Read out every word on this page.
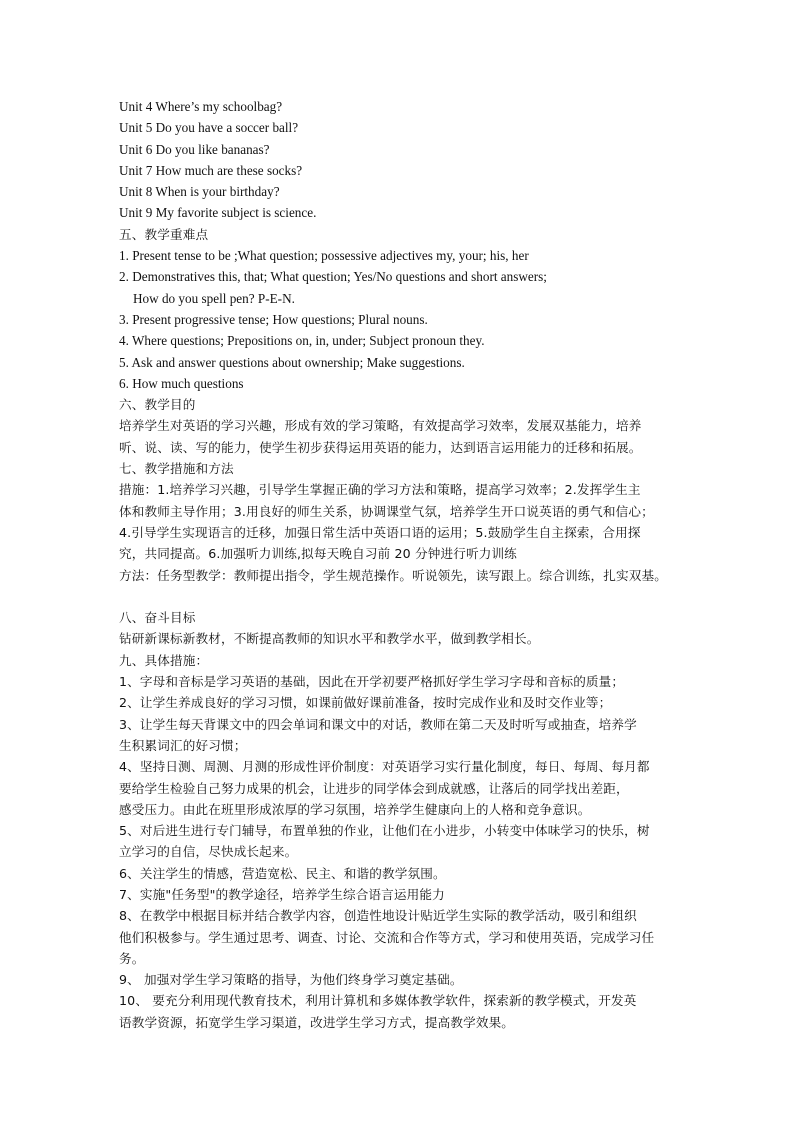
Unit 4 Where’s my schoolbag?
Unit 5 Do you have a soccer ball?
Unit 6 Do you like bananas?
Unit 7 How much are these socks?
Unit 8 When is your birthday?
Unit 9 My favorite subject is science.
五、教学重难点
1. Present tense to be ;What question; possessive adjectives my, your; his, her
2. Demonstratives this, that; What question; Yes/No questions and short answers;
How do you spell pen? P-E-N.
3. Present progressive tense; How questions; Plural nouns.
4. Where questions; Prepositions on, in, under; Subject pronoun they.
5. Ask and answer questions about ownership; Make suggestions.
6. How much questions
六、教学目的
培养学生对英语的学习兴趣，形成有效的学习策略，有效提高学习效率，发展双基能力，培养
听、说、读、写的能力，使学生初步获得运用英语的能力，达到语言运用能力的迁移和拓展。
七、教学措施和方法
措施：1.培养学习兴趣，引导学生掌握正确的学习方法和策略，提高学习效率；2.发挥学生主
体和教师主导作用；3.用良好的师生关系，协调课堂气氛，培养学生开口说英语的勇气和信心；
4.引导学生实现语言的迁移，加强日常生活中英语口语的运用；5.鼓励学生自主探索，合用探
究，共同提高。6.加强听力训练,拟每天晚自习前 20 分钟进行听力训练
方法：任务型教学：教师提出指令，学生规范操作。听说领先，读写跟上。综合训练，扎实双基。
八、奋斗目标
钻研新课标新教材，不断提高教师的知识水平和教学水平，做到教学相长。
九、具体措施：
1、字母和音标是学习英语的基础，因此在开学初要严格抓好学生学习字母和音标的质量；
2、让学生养成良好的学习习惯，如课前做好课前准备，按时完成作业和及时交作业等；
3、让学生每天背课文中的四会单词和课文中的对话，教师在第二天及时听写或抽查，培养学
生积累词汇的好习惯；
4、坚持日测、周测、月测的形成性评价制度：对英语学习实行量化制度，每日、每周、每月都
要给学生检验自己努力成果的机会，让进步的同学体会到成就感，让落后的同学找出差距，
感受压力。由此在班里形成浓厚的学习氛围，培养学生健康向上的人格和竞争意识。
5、对后进生进行专门辅导，布置单独的作业，让他们在小进步，小转变中体味学习的快乐，树
立学习的自信，尽快成长起来。
6、关注学生的情感，营造宽松、民主、和谐的教学氛围。
7、实施"任务型"的教学途径，培养学生综合语言运用能力
8、在教学中根据目标并结合教学内容，创造性地设计贴近学生实际的教学活动，吸引和组织
他们积极参与。学生通过思考、调查、讨论、交流和合作等方式，学习和使用英语，完成学习任
务。
9、 加强对学生学习策略的指导，为他们终身学习奠定基础。
10、 要充分利用现代教育技术，利用计算机和多媒体教学软件，探索新的教学模式，开发英
语教学资源，拓宽学生学习渠道，改进学生学习方式，提高教学效果。
